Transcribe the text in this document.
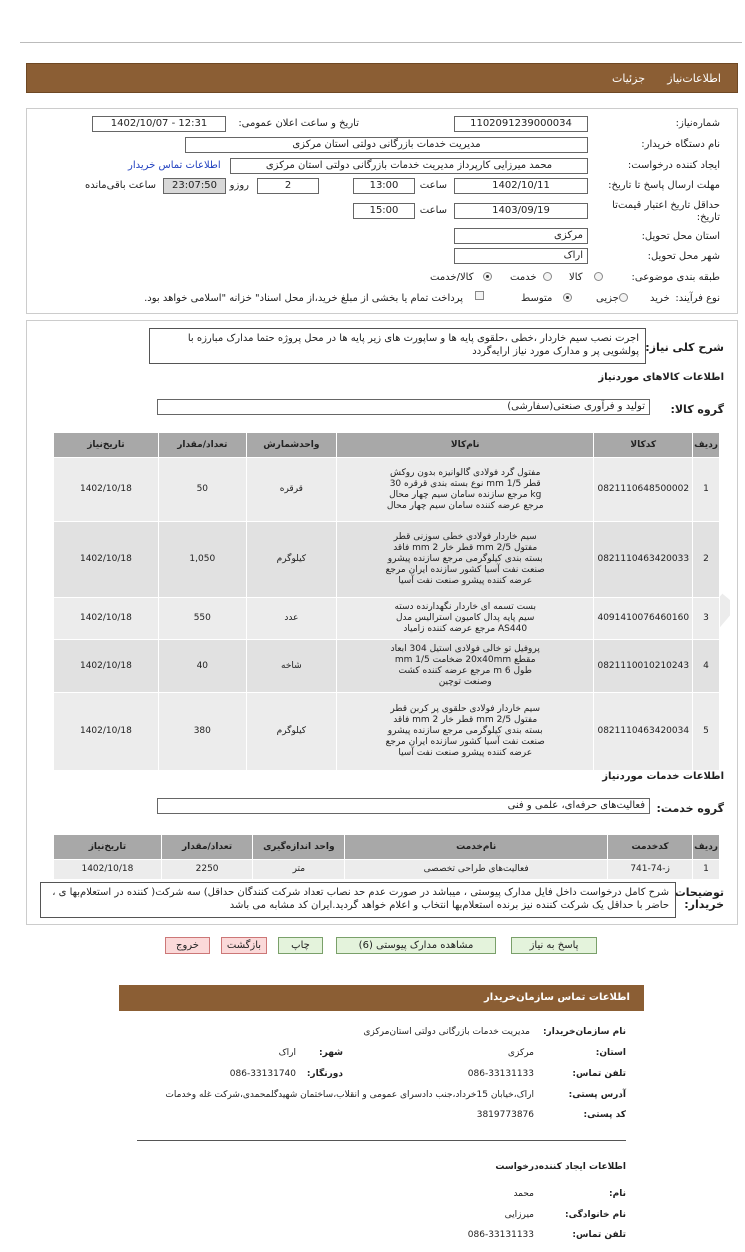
اطلاعات‌نیاز
جزئیات
شماره‌نیاز:
1102091239000034
تاریخ و ساعت اعلان عمومی:
1402/10/07 - 12:31
نام دستگاه خریدار:
مدیریت خدمات بازرگانی دولتی استان مرکزی
ایجاد کننده درخواست:
محمد میرزایی کارپرداز مدیریت خدمات بازرگانی دولتی استان مرکزی
اطلاعات تماس خریدار
مهلت ارسال پاسخ تا تاریخ:
1402/10/11
ساعت
13:00
2
روزو
23:07:50
ساعت باقی‌مانده
حداقل تاریخ اعتبار قیمت‌تا تاریخ:
1403/09/19
ساعت
15:00
استان محل تحویل:
مرکزی
شهر محل تحویل:
اراک
طبقه بندی موضوعی:
کالا
خدمت
کالا/خدمت
نوع فرآیند:
خرید
جزیی
متوسط
پرداخت تمام یا بخشی از مبلغ خرید،از محل اسناد" خزانه "اسلامی خواهد بود.
شرح کلی نیاز:
اجرت نصب سیم خاردار ،خطی ،حلقوی پایه ها و ساپورت های زیر پایه ها در محل پروژه حتما مدارک مبارزه با پولشویی پر و مدارک مورد نیاز ارایه‌گردد
اطلاعات کالاهای موردنیاز
گروه کالا:
تولید و فرآوری صنعتی(سفارشی)
ردیف	کدکالا	نام‌کالا	واحدشمارش	تعداد/مقدار	تاریخ‌نیاز
1	0821110648500002	مفتول گرد فولادی گالوانیزه بدون روکش قطر 1/5 mm نوع بسته بندی قرقره 30 kg مرجع سازنده سامان سیم چهار محال مرجع عرضه کننده سامان سیم چهار محال	قرقره	50	1402/10/18
2	0821110463420033	سیم خاردار فولادی خطی سوزنی قطر مفتول 2/5 mm قطر خار 2 mm فاقد بسته بندی کیلوگرمی مرجع سازنده پیشرو صنعت نفت آسیا کشور سازنده ایران مرجع عرضه کننده پیشرو صنعت نفت آسیا	کیلوگرم	1,050	1402/10/18
3	4091410076460160	بست تسمه ای خاردار نگهدارنده دسته سیم پایه پدال کامیون استرالیس مدل AS440 مرجع عرضه کننده زامیاد	عدد	550	1402/10/18
4	0821110010210243	پروفیل تو خالی فولادی استیل 304 ابعاد مقطع 20x40mm ضخامت 1/5 mm طول 6 m مرجع عرضه کننده کشت وصنعت توچین	شاخه	40	1402/10/18
5	0821110463420034	سیم خاردار فولادی حلقوی پر کربن قطر مفتول 2/5 mm قطر خار 2 mm فاقد بسته بندی کیلوگرمی مرجع سازنده پیشرو صنعت نفت آسیا کشور سازنده ایران مرجع عرضه کننده پیشرو صنعت نفت آسیا	کیلوگرم	380	1402/10/18
اطلاعات خدمات موردنیاز
گروه خدمت:
فعالیت‌های حرفه‌ای، علمی و فنی
ردیف	کدخدمت	نام‌خدمت	واحد اندازه‌گیری	تعداد/مقدار	تاریخ‌نیاز
1	ز-74-741	فعالیت‌های طراحی تخصصی	متر	2250	1402/10/18
توضیحات خریدار:
شرح کامل درخواست داخل فایل مدارک پیوستی ، میباشد در صورت عدم حد نصاب تعداد شرکت کنندگان حداقل) سه شرکت( کننده در استعلام‌بها ی ، حاضر با حداقل یک شرکت کننده نیز برنده استعلام‌بها انتخاب و اعلام خواهد گردید.ایران کد مشابه می باشد
پاسخ به نیاز
مشاهده مدارک پیوستی (6)
چاپ
بازگشت
خروج
اطلاعات تماس سازمان‌خریدار
نام سازمان‌خریدار:
مدیریت خدمات بازرگانی دولتی استان‌مرکزی
استان:
مرکزی
شهر:
اراک
تلفن تماس:
086-33131133
دورنگار:
086-33131740
آدرس پستی:
اراک،خیابان 15خرداد،جنب دادسرای عمومی و انقلاب،ساختمان شهید‌گلمحمدی،شرکت غله وخدمات
کد پستی:
3819773876
اطلاعات ایجاد کننده‌درخواست
نام:
محمد
نام خانوادگی:
میرزایی
تلفن تماس:
086-33131133
